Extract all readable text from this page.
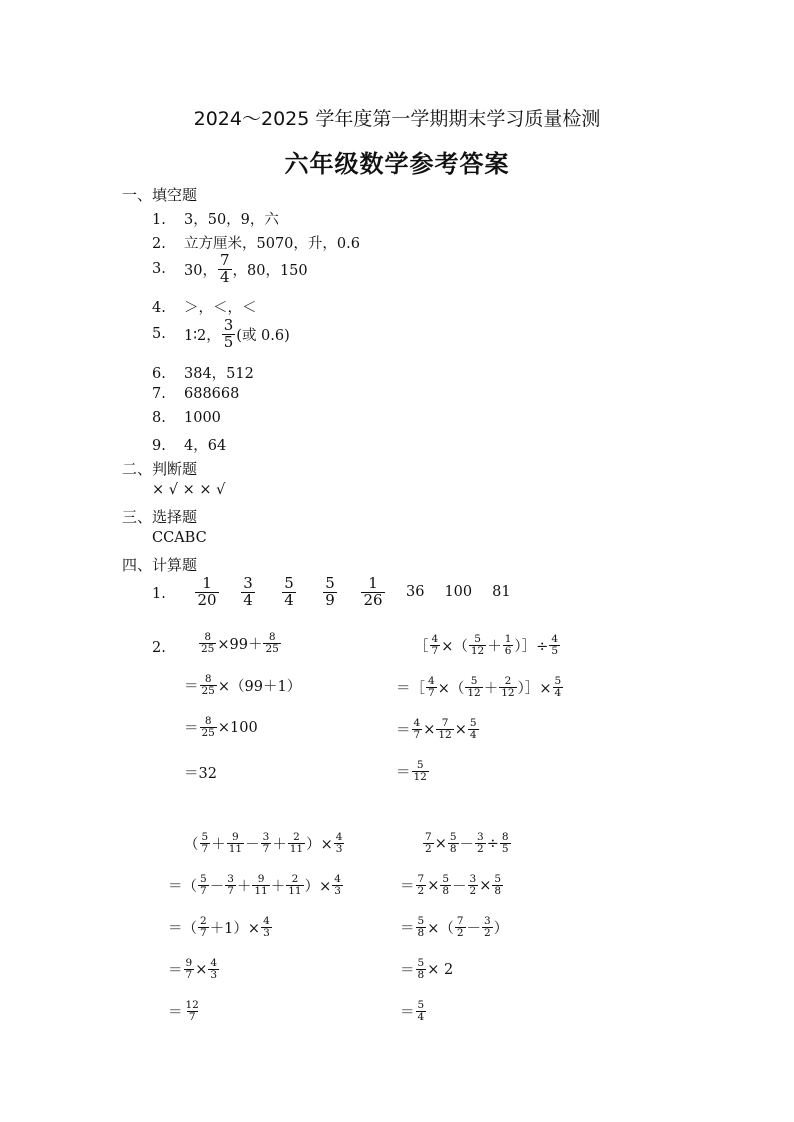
2024～2025 学年度第一学期期末学习质量检测
六年级数学参考答案
一、填空题
1. 3，50，9，六
2. 立方厘米，5070，升，0.6
3.	30， $\frac{7}{4}$ ，80，150
4. ＞，＜，＜
5.	1∶2， $\frac{3}{5}$ (或 0.6)
6. 384，512
7. 688668
8. 1000
9. 4，64
二、判断题
× √ × × √
三、选择题
CCABC
四、计算题
1. $\frac{1}{20} \frac{3}{4} \frac{5}{4} \frac{5}{9} \frac{1}{26} 36$ 100 81
2.	$\frac{8}{25} \times 99+ \frac{8}{25}$
＝ $\frac{8}{25} \times(99+1)$
＝ $\frac{8}{25} \times 100$
＝32
［ $\frac{4}{7}$ ×（ $\frac{5}{12} + \frac{1}{6}$ ）］÷ $\frac{4}{5}$
＝［ $\frac{4}{7}$ ×（ $\frac{5}{12} + \frac{2}{12}$ ）］× $\frac{5}{4}$
＝ $\frac{4}{7} \times \frac{7}{12} \times \frac{5}{4}$
＝ $\frac{5}{12}$
（ $\frac{5}{7} + \frac{9}{11} - \frac{3}{7} + \frac{2}{11}$ ）× $\frac{4}{3}$
＝（ $\frac{5}{7} - \frac{3}{7} + \frac{9}{11} + \frac{2}{11}$ ）× $\frac{4}{3}$
＝（ $\frac{2}{7} +1)\times \frac{4}{3}$
＝ $\frac{9}{7} \times \frac{4}{3}$
＝ $\frac{12}{7}$
$\frac{7}{2} \times \frac{5}{8} - \frac{3}{2} \div \frac{8}{5}$
＝ $\frac{7}{2} \times \frac{5}{8} - \frac{3}{2} \times \frac{5}{8}$
＝ $\frac{5}{8}$ ×（ $\frac{7}{2} - \frac{3}{2}$ ）
＝ $\frac{5}{8} \times 2$
＝ $\frac{5}{4}$
